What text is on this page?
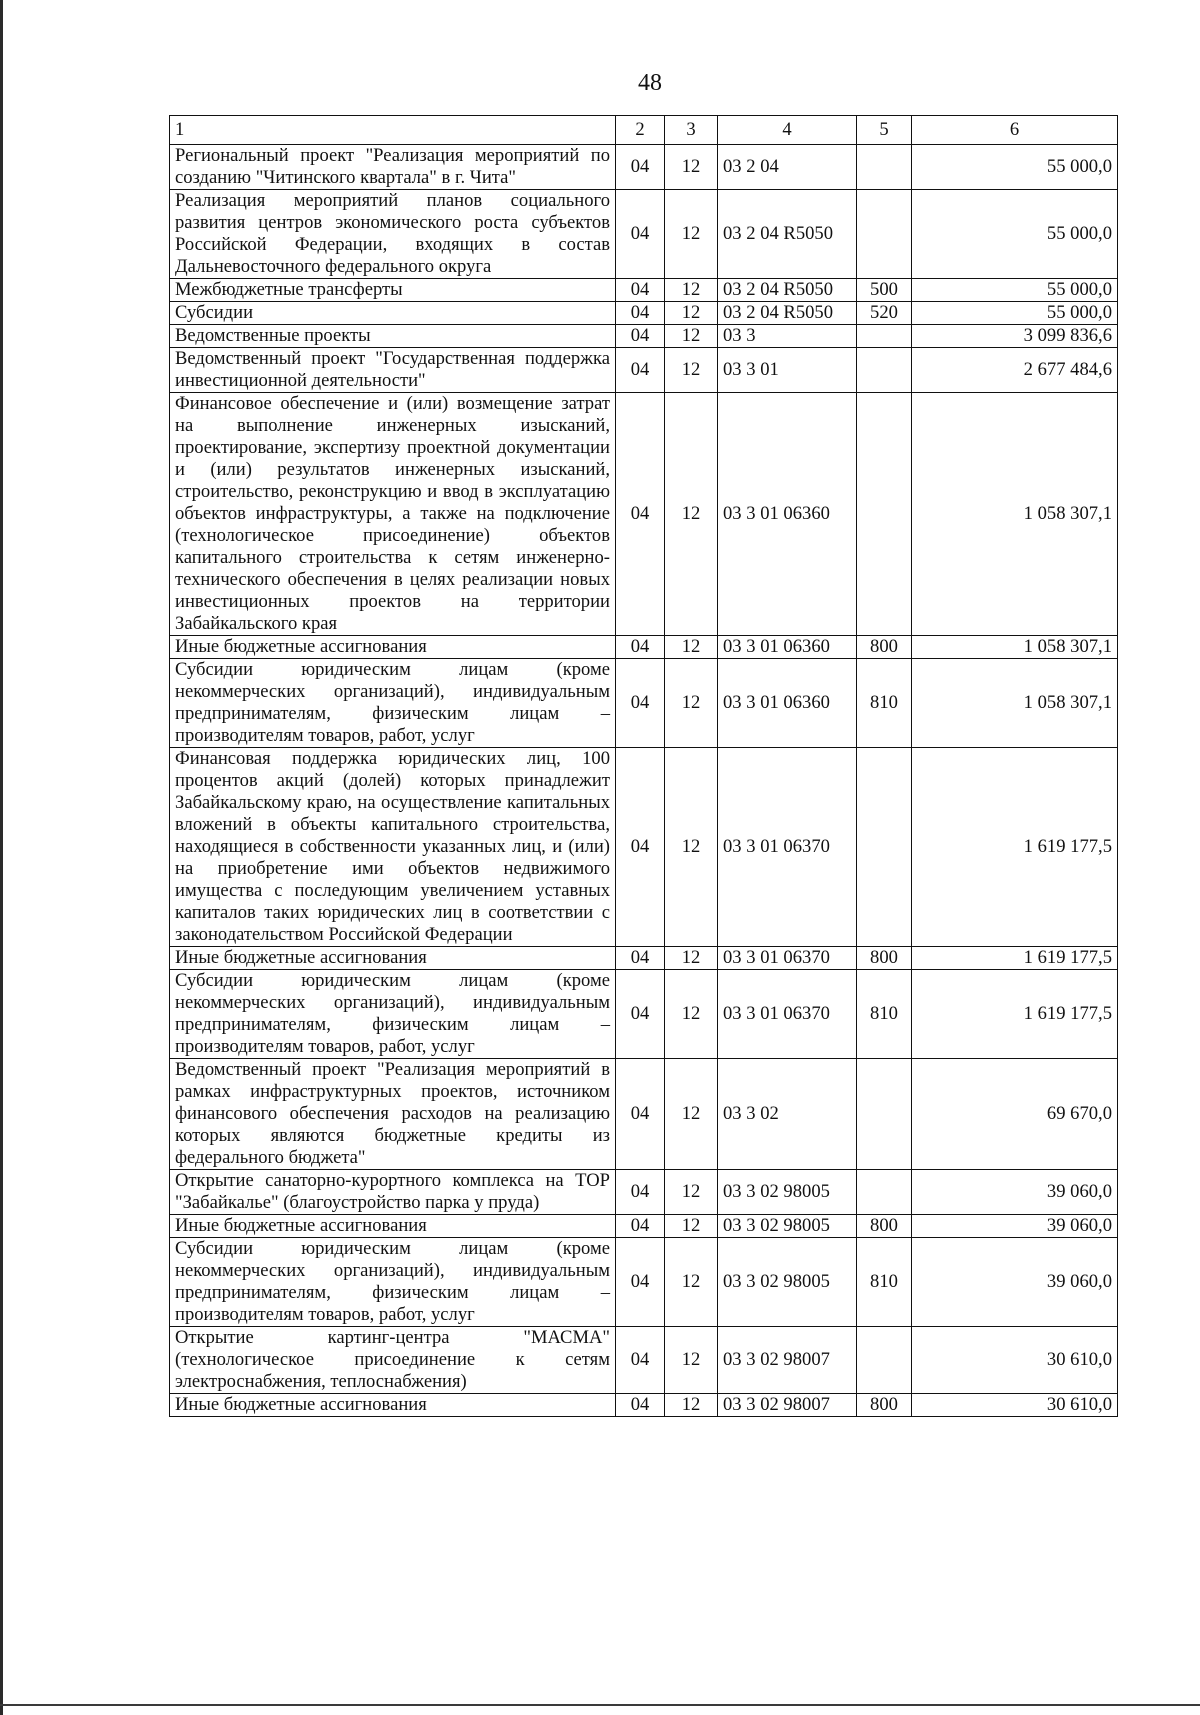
48
1	2	3	4	5	6
Региональный проект "Реализация мероприятий по созданию "Читинского квартала" в г. Чита"	04	12	03 2 04		55 000,0
Реализация мероприятий планов социального развития центров экономического роста субъектов Российской Федерации, входящих в состав Дальневосточного федерального округа	04	12	03 2 04 R5050		55 000,0
Межбюджетные трансферты	04	12	03 2 04 R5050	500	55 000,0
Субсидии	04	12	03 2 04 R5050	520	55 000,0
Ведомственные проекты	04	12	03 3		3 099 836,6
Ведомственный проект "Государственная поддержка инвестиционной деятельности"	04	12	03 3 01		2 677 484,6
Финансовое обеспечение и (или) возмещение затрат на выполнение инженерных изысканий, проектирование, экспертизу проектной документации и (или) результатов инженерных изысканий, строительство, реконструкцию и ввод в эксплуатацию объектов инфраструктуры, а также на подключение (технологическое присоединение) объектов капитального строительства к сетям инженерно-технического обеспечения в целях реализации новых инвестиционных проектов на территории Забайкальского края	04	12	03 3 01 06360		1 058 307,1
Иные бюджетные ассигнования	04	12	03 3 01 06360	800	1 058 307,1
Субсидии юридическим лицам (кроме некоммерческих организаций), индивидуальным предпринимателям, физическим лицам – производителям товаров, работ, услуг	04	12	03 3 01 06360	810	1 058 307,1
Финансовая поддержка юридических лиц, 100 процентов акций (долей) которых принадлежит Забайкальскому краю, на осуществление капитальных вложений в объекты капитального строительства, находящиеся в собственности указанных лиц, и (или) на приобретение ими объектов недвижимого имущества с последующим увеличением уставных капиталов таких юридических лиц в соответствии с законодательством Российской Федерации	04	12	03 3 01 06370		1 619 177,5
Иные бюджетные ассигнования	04	12	03 3 01 06370	800	1 619 177,5
Субсидии юридическим лицам (кроме некоммерческих организаций), индивидуальным предпринимателям, физическим лицам – производителям товаров, работ, услуг	04	12	03 3 01 06370	810	1 619 177,5
Ведомственный проект "Реализация мероприятий в рамках инфраструктурных проектов, источником финансового обеспечения расходов на реализацию которых являются бюджетные кредиты из федерального бюджета"	04	12	03 3 02		69 670,0
Открытие санаторно-курортного комплекса на ТОР "Забайкалье" (благоустройство парка у пруда)	04	12	03 3 02 98005		39 060,0
Иные бюджетные ассигнования	04	12	03 3 02 98005	800	39 060,0
Субсидии юридическим лицам (кроме некоммерческих организаций), индивидуальным предпринимателям, физическим лицам – производителям товаров, работ, услуг	04	12	03 3 02 98005	810	39 060,0
Открытие картинг-центра "МАСМА" (технологическое присоединение к сетям электроснабжения, теплоснабжения)	04	12	03 3 02 98007		30 610,0
Иные бюджетные ассигнования	04	12	03 3 02 98007	800	30 610,0
